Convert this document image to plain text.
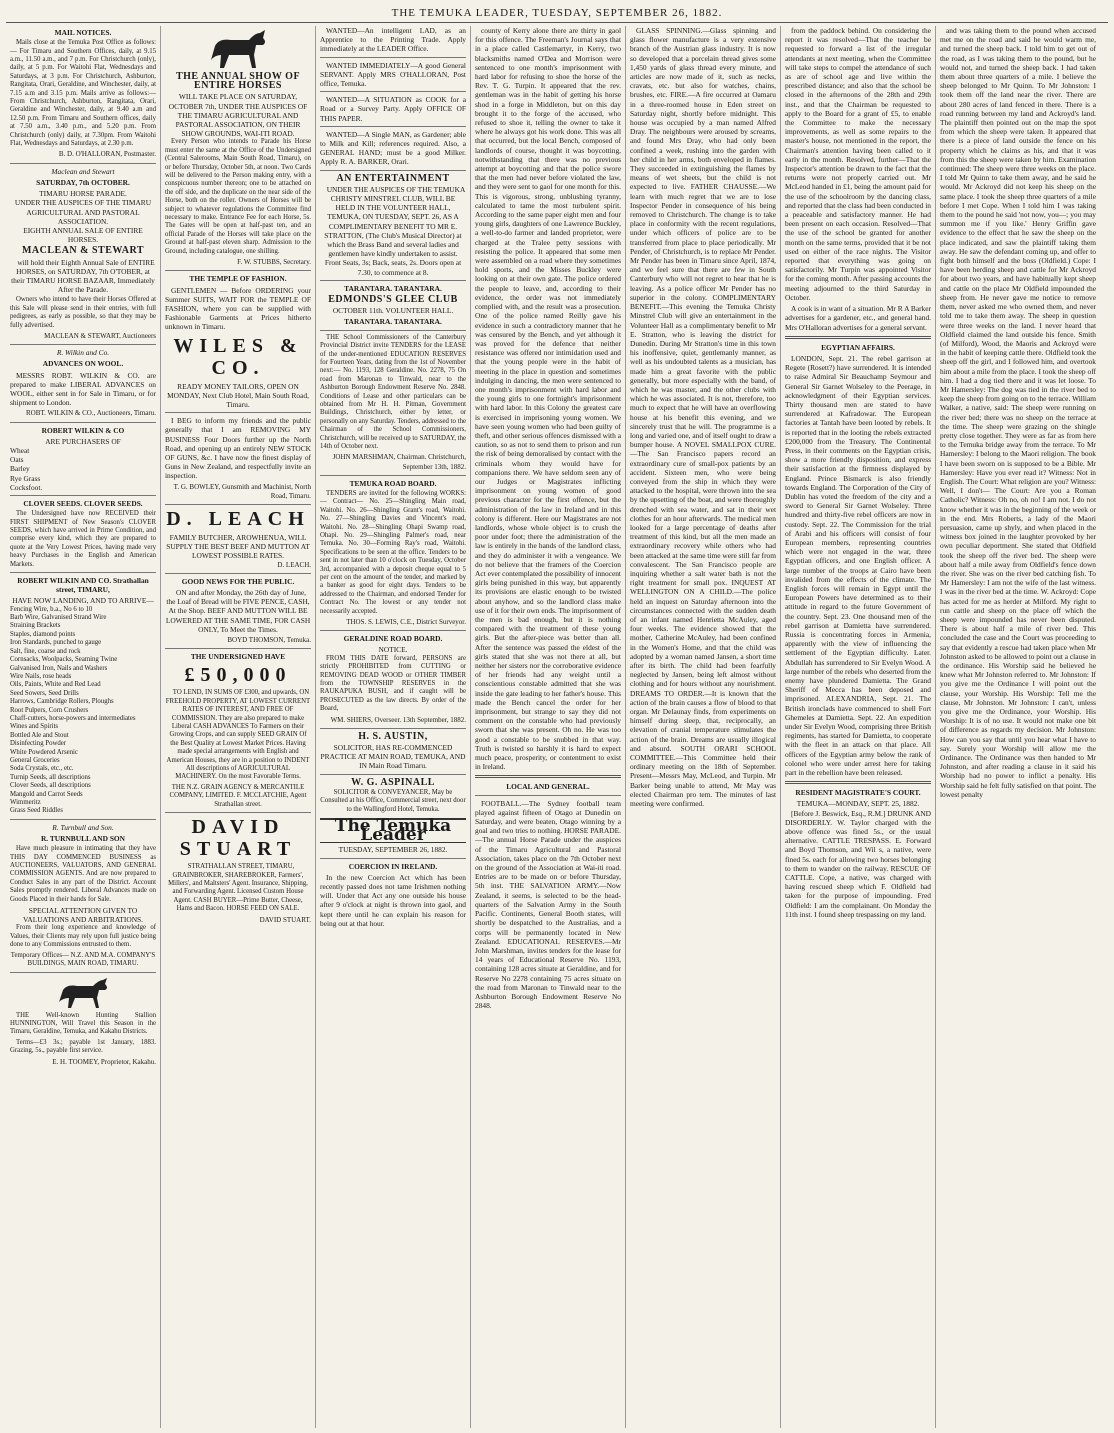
THE TEMUKA LEADER, TUESDAY, SEPTEMBER 26, 1882.
MAIL NOTICES.

Mails close at the Temuka Post Office as follows:— For Timaru and Southern Offices, daily, at 9.15 a.m., 11.50 a.m., and 7 p.m. For Christchurch (only), daily, at 5 p.m. For Waitohi Flat, Wednesdays and Saturdays, at 3 p.m. For Christchurch, Ashburton, Rangitata, Orari, Geraldine, and Winchester, daily, at 7.15 a.m and 3.15 p.m. Mails arrive as follows:— From Christchurch, Ashburton, Rangitata, Orari, Geraldine and Winchester, daily, at 9.40 a.m and 12.50 p.m. From Timaru and Southern offices, daily at 7.50 a.m., 3.40 p.m., and 5.20 p.m. From Christchurch (only) daily, at 7.30pm. From Waitohi Flat, Wednesdays and Saturdays, at 2.30 p.m.

B. D. O'HALLORAN, Postmaster.
Maclean and Stewart
SATURDAY, 7th OCTOBER.
TIMARU HORSE PARADE.
UNDER THE AUSPICES OF THE TIMARU AGRICULTURAL AND PASTORAL ASSOCIATION.
EIGHTH ANNUAL SALE OF ENTIRE HORSES.
MACLEAN & STEWART

will hold their Eighth Annual Sale of ENTIRE HORSES, on SATURDAY, 7th O'TOBER, at their TIMARU HORSE BAZAAR, Immediately After the Parade.

Owners who intend to have their Horses Offered at this Sale will please send in their entries, with full pedigrees, as early as possible, so that they may be fully advertised.

MACLEAN & STEWART, Auctioneers
R. Wilkin and Co.
ADVANCES ON WOOL.

MESSRS ROBT. WILKIN & CO. are prepared to make LIBERAL ADVANCES on WOOL, either sent in for Sale in Timaru, or for shipment to London.

ROBT. WILKIN & CO., Auctioneers, Timaru.
ROBERT WILKIN & CO
ARE PURCHASERS OF
Wheat
Oats
Barley
Rye Grass
Cocksfoot.
CLOVER SEEDS. CLOVER SEEDS.

The Undersigned have now RECEIVED their FIRST SHIPMENT of New Season's CLOVER SEEDS, which have arrived in Prime Condition, and comprise every kind, which they are prepared to quote at the Very Lowest Prices, having made very heavy Purchases in the English and American Markets.

ROBERT WILKIN AND CO. Strathallan street, TIMARU,
HAVE NOW LANDING, AND TO ARRIVE—
Fencing Wire, b.a., No 6 to 10
Barb Wire, Galvanised Strand Wire
Straining Brackets
Staples, diamond points
Iron Standards, punched to gauge
Salt, fine, coarse and rock
Cornsacks, Woolpacks, Seaming Twine
Galvanised Iron, Nails and Washers
Wire Nails, rose heads
Oils, Paints, White and Red Lead
Seed Sowers, Seed Drills
Harrows, Cambridge Rollers, Ploughs
Root Pulpers, Corn Crushers
Chaff-cutters, horse-powers and intermediates
Wines and Spirits
Bottled Ale and Stout
Disinfecting Powder
White Powdered Arsenic
General Groceries
Soda Crystals, etc., etc.
Turnip Seeds, all descriptions
Clover Seeds, all descriptions
Mangold and Carrot Seeds
Wimmeritz
Grass Seed Riddles
R. Turnbull and Son.
R. TURNBULL AND SON

Have much pleasure in intimating that they have THIS DAY COMMENCED BUSINESS as AUCTIONEERS, VALUATORS, AND GENERAL COMMISSION AGENTS. And are now prepared to Conduct Sales in any part of the District. Account Sales promptly rendered. Liberal Advances made on Goods Placed in their hands for Sale.

SPECIAL ATTENTION GIVEN TO VALUATIONS AND ARBITRATIONS.

From their long experience and knowledge of Values, their Clients may rely upon full justice being done to any Commissions entrusted to them.

Temporary Offices— N.Z. AND M.A. COMPANY'S BUILDINGS, MAIN ROAD, TIMARU.

THE Well-known Hunting Stallion HUNNINGTON, Will Travel this Season in the Timaru, Geraldine, Temuka, and Kakahu Districts.

Terms—£3 3s.; payable 1st January, 1883. Grazing, 5s., payable first service.

E. H. TOOMEY, Proprietor, Kakahu.
THE ANNUAL SHOW OF ENTIRE HORSES
WILL TAKE PLACE ON SATURDAY, OCTOBER 7th, UNDER THE AUSPICES OF THE TIMARU AGRICULTURAL AND PASTORAL ASSOCIATION, ON THEIR SHOW GROUNDS, WAI-ITI ROAD.

Every Person who intends to Parade his Horse must enter the same at the Office of the Undersigned (Central Salerooms, Main South Road, Timaru), on or before Thursday, October 5th, at noon. Two Cards will be delivered to the Person making entry, with a conspicuous number thereon; one to be attached on the off side, and the duplicate on the near side of the Horse, both on the roller. Owners of Horses will be subject to whatever regulations the Committee find necessary to make. Entrance Fee for each Horse, 5s. The Gates will be open at half-past ten, and an official Parade of the Horses will take place on the Ground at half-past eleven sharp. Admission to the Ground, including catalogue, one shilling.

F. W. STUBBS, Secretary.
THE TEMPLE OF FASHION.

GENTLEMEN — Before ORDERING your Summer SUITS, WAIT FOR the TEMPLE OF FASHION, where you can be supplied with Fashionable Garments at Prices hitherto unknown in Timaru.

WILES & CO.
READY MONEY TAILORS, OPEN ON MONDAY, Next Club Hotel, Main South Road, Timaru.

I BEG to inform my friends and the public generally that I am REMOVING MY BUSINESS Four Doors further up the North Road, and opening up an entirely NEW STOCK OF GUNS, &c. I have now the finest display of Guns in New Zealand, and respectfully invite an inspection.

T. G. BOWLEY, Gunsmith and Machinist, North Road, Timaru.
D. LEACH
FAMILY BUTCHER, AROWHENUA, WILL SUPPLY THE BEST BEEF AND MUTTON AT LOWEST POSSIBLE RATES.
D. LEACH.
GOOD NEWS FOR THE PUBLIC.

ON and after Monday, the 26th day of June, the Loaf of Bread will be FIVE PENCE, CASH, At the Shop. BEEF AND MUTTON WILL BE LOWERED AT THE SAME TIME, FOR CASH ONLY, To Meet the Times.

BOYD THOMSON, Temuka.
THE UNDERSIGNED HAVE
£50,000

TO LEND, IN SUMS OF £300, and upwards, ON FREEHOLD PROPERTY, AT LOWEST CURRENT RATES OF INTEREST, AND FREE OF COMMISSION. They are also prepared to make Liberal CASH ADVANCES To Farmers on their Growing Crops, and can supply SEED GRAIN Of the Best Quality at Lowest Market Prices. Having made special arrangements with English and American Houses, they are in a position to INDENT All descriptions of AGRICULTURAL MACHINERY. On the most Favorable Terms.

THE N.Z. GRAIN AGENCY & MERCANTILE COMPANY, LIMITED. F. MCCLATCHIE, Agent Strathallan street.
DAVID STUART

STRATHALLAN STREET, TIMARU, GRAINBROKER, SHAREBROKER, Farmers', Millers', and Maltsters' Agent. Insurance, Shipping, and Forwarding Agent. Licensed Custom House Agent. CASH BUYER—Prime Butter, Cheese, Hams and Bacon. HORSE FEED ON SALE.

DAVID STUART.

WANTED—An intelligent LAD, as an Apprentice to the Printing Trade. Apply immediately at the LEADER Office.

WANTED IMMEDIATELY—A good General SERVANT. Apply MRS O'HALLORAN, Post office, Temuka.

WANTED—A SITUATION as COOK for a Road or a Survey Party. Apply OFFICE OF THIS PAPER.

WANTED—A Single MAN, as Gardener; able to Milk and Kill; references required. Also, a GENERAL HAND; must be a good Milker. Apply R. A. BARKER, Orari.

AN ENTERTAINMENT

UNDER THE AUSPICES OF THE TEMUKA CHRISTY MINSTREL CLUB, WILL BE HELD IN THE VOLUNTEER HALL, TEMUKA, ON TUESDAY, SEPT. 26, AS A COMPLIMENTARY BENEFIT TO MR E. STRATTON, (The Club's Musical Director) at which the Brass Band and several ladies and gentlemen have kindly undertaken to assist. Front Seats, 3s; Back, seats, 2s. Doors open at 7.30, to commence at 8.

TARANTARA. TARANTARA.
EDMONDS'S GLEE CLUB
OCTOBER 11th. VOLUNTEER HALL.
TARANTARA. TARANTARA.

THE School Commissioners of the Canterbury Provincial District invite TENDERS for the LEASE of the under-mentioned EDUCATION RESERVES for Fourteen Years, dating from the 1st of November next:— No. 1193, 128 Geraldine. No. 2278, 75 On road from Maronan to Tinwald, near to the Ashburton Borough Endowment Reserve No. 2848. Conditions of Lease and other particulars can be obtained from Mr H. H. Pitman, Government Buildings, Christchurch, either by letter, or personally on any Saturday. Tenders, addressed to the Chairman of the School Commissioners, Christchurch, will be received up to SATURDAY, the 14th of October next.

JOHN MARSHMAN, Chairman. Christchurch, September 13th, 1882.
TEMUKA ROAD BOARD.

TENDERS are invited for the following WORKS:— Contract— No. 25—Shingling Main road, Waitohi. No. 26—Shingling Grant's road, Waitohi. No. 27—Shingling Davies and Vincent's road, Waitohi. No. 28—Shingling Ohapi Swamp road, Ohapi. No. 29—Shingling Palmer's road, near Temuka. No. 30—Forming Ray's road, Waitohi. Specifications to be seen at the office. Tenders to be sent in not later than 10 o'clock on Tuesday, October 3rd, accompanied with a deposit cheque equal to 5 per cent on the amount of the tender, and marked by a banker as good for eight days. Tenders to be addressed to the Chairman, and endorsed Tender for Contract No. The lowest or any tender not necessarily accepted.

THOS. S. LEWIS, C.E., District Surveyor.
GERALDINE ROAD BOARD.
NOTICE.

FROM THIS DATE forward, PERSONS are strictly PROHIBITED from CUTTING or REMOVING DEAD WOOD or OTHER TIMBER from the TOWNSHIP RESERVES in the RAUKAPUKA BUSH, and if caught will be PROSECUTED as the law directs. By order of the Board,

WM. SHIERS, Overseer. 13th September, 1882.
H. S. AUSTIN,
SOLICITOR, HAS RE-COMMENCED PRACTICE AT MAIN ROAD, TEMUKA, AND IN Main Road Timaru.
W. G. ASPINALL
SOLICITOR & CONVEYANCER, May be Consulted at his Office, Commercial street, next door to the Wallingford Hotel, Temuka.
The Temuka Leader
TUESDAY, SEPTEMBER 26, 1882.
COERCION IN IRELAND.

In the new Coercion Act which has been recently passed does not tame Irishmen nothing will. Under that Act any one outside his house after 9 o'clock at night is thrown into gaol, and kept there until he can explain his reason for being out at that hour.

county of Kerry alone there are thirty in gaol for this offence. The Freeman's Journal says that in a place called Castlemartyr, in Kerry, two blacksmiths named O'Dea and Morrison were sentenced to one month's imprisonment with hard labor for refusing to shoe the horse of the Rev. T. G. Turpin. It appeared that the rev. gentleman was in the habit of getting his horse shod in a forge in Middleton, but on this day brought it to the forge of the accused, who refused to shoe it, telling the owner to take it where he always got his work done. This was all that occurred, but the local Bench, composed of landlords of course, thought it was boycotting, notwithstanding that there was no previous attempt at boycotting and that the police swore that the men had never before violated the law, and they were sent to gaol for one month for this. This is vigorous, strong, unblushing tyranny, calculated to tame the most turbulent spirit. According to the same paper eight men and four young girls, daughters of one Lawrence Buckley, a well-to-do farmer and landed proprietor, were charged at the Tralee petty sessions with resisting the police. It appeared that some men were assembled on a road where they sometimes hold sports, and the Misses Buckley were looking on at their own gate. The police ordered the people to leave, and, according to their evidence, the order was not immediately complied with, and the result was a prosecution. One of the police named Reilly gave his evidence in such a contradictory manner that he was censured by the Bench, and yet although it was proved for the defence that neither resistance was offered nor intimidation used and that the young people were in the habit of meeting in the place in question and sometimes indulging in dancing, the men were sentenced to one month's imprisonment with hard labor and the young girls to one fortnight's imprisonment with hard labor. In this Colony the greatest care is exercised in imprisoning young women. We have seen young women who had been guilty of theft, and other serious offences dismissed with a caution, so as not to send them to prison and run the risk of being demoralised by contact with the criminals whom they would have for companions there. We have seldom seen any of our Judges or Magistrates inflicting imprisonment on young women of good previous character for the first offence, but the administration of the law in Ireland and in this colony is different. Here our Magistrates are not landlords, whose whole object is to crush the poor under foot; there the administration of the law is entirely in the hands of the landlord class, and they do administer it with a vengeance. We do not believe that the framers of the Coercion Act ever contemplated the possibility of innocent girls being punished in this way, but apparently its provisions are elastic enough to be twisted about anyhow, and so the landlord class make use of it for their own ends. The imprisonment of the men is bad enough, but it is nothing compared with the treatment of these young girls. But the after-piece was better than all. After the sentence was passed the eldest of the girls stated that she was not there at all, but neither her sisters nor the corroborative evidence of her friends had any weight until a conscientious constable admitted that she was inside the gate leading to her father's house. This made the Bench cancel the order for her imprisonment, but strange to say they did not comment on the constable who had previously sworn that she was present. Oh no. He was too good a constable to be snubbed in that way. Truth is twisted so harshly it is hard to expect much peace, prosperity, or contentment to exist in Ireland.

LOCAL AND GENERAL.

FOOTBALL.—The Sydney football team played against fifteen of Otago at Dunedin on Saturday, and were beaten, Otago winning by a goal and two tries to nothing. HORSE PARADE.—The annual Horse Parade under the auspices of the Timaru Agricultural and Pastoral Association, takes place on the 7th October next on the ground of the Association at Wai-iti road. Entries are to be made on or before Thursday, 5th inst. THE SALVATION ARMY.—Now Zealand, it seems, is selected to be the head-quarters of the Salvation Army in the South Pacific. Continents, General Booth states, will shortly be despatched to the Australias, and a corps will be permanently located in New Zealand. EDUCATIONAL RESERVES.—Mr John Marshman, invites tenders for the lease for 14 years of Educational Reserve No. 1193, containing 128 acres situate at Geraldine, and for Reserve No 2278 containing 75 acres situate on the road from Maronan to Tinwald near to the Ashburton Borough Endowment Reserve No 2848.

GLASS SPINNING.—Glass spinning and glass flower manufacture is a very extensive branch of the Austrian glass industry. It is now so developed that a porcelain thread gives some 1,450 yards of glass thread every minute, and articles are now made of it, such as necks, cravats, etc. but also for watches, chains, brushes, etc. FIRE.—A fire occurred at Oamaru in a three-roomed house in Eden street on Saturday night, shortly before midnight. This house was occupied by a man named Alfred Dray. The neighbours were aroused by screams, and found Mrs Dray, who had only been confined a week, rushing into the garden with her child in her arms, both enveloped in flames. They succeeded in extinguishing the flames by means of wet sheets, but the child is not expected to live. FATHER CHAUSSE.—We learn with much regret that we are to lose Inspector Pender in consequence of his being removed to Christchurch. The change is to take place in conformity with the recent regulations, under which officers of police are to be transferred from place to place periodically. Mr Pender, of Christchurch, is to replace Mr Pender. Mr Pender has been in Timaru since April, 1874, and we feel sure that there are few in South Canterbury who will not regret to hear that he is leaving. As a police officer Mr Pender has no superior in the colony. COMPLIMENTARY BENEFIT.—This evening the Temuka Christy Minstrel Club will give an entertainment in the Volunteer Hall as a complimentary benefit to Mr E. Stratton, who is leaving the district for Dunedin. During Mr Stratton's time in this town his inoffensive, quiet, gentlemanly manner, as well as his undoubted talents as a musician, has made him a great favorite with the public generally, but more especially with the band, of which he was master, and the other clubs with which he was associated. It is not, therefore, too much to expect that he will have an overflowing house at his benefit this evening, and we sincerely trust that he will. The programme is a long and varied one, and of itself ought to draw a bumper house. A NOVEL SMALLPOX CURE.—The San Francisco papers record an extraordinary cure of small-pox patients by an accident. Sixteen men, who were being conveyed from the ship in which they were attacked to the hospital, were thrown into the sea by the upsetting of the boat, and were thoroughly drenched with sea water, and sat in their wet clothes for an hour afterwards. The medical men looked for a large percentage of deaths after treatment of this kind, but all the men made an extraordinary recovery while others who had been attacked at the same time were still far from convalescent. The San Francisco people are inquiring whether a salt water bath is not the right treatment for small pox. INQUEST AT WELLINGTON ON A CHILD.—The police held an inquest on Saturday afternoon into the circumstances connected with the sudden death of an infant named Henrietta McAuley, aged four weeks. The evidence showed that the mother, Catherine McAuley, had been confined in the Women's Home, and that the child was adopted by a woman named Jansen, a short time after its birth. The child had been fearfully neglected by Jansen, being left almost without clothing and for hours without any nourishment. DREAMS TO ORDER.—It is known that the action of the brain causes a flow of blood to that organ. Mr Delaunay finds, from experiments on himself during sleep, that, reciprocally, an elevation of cranial temperature stimulates the action of the brain. Dreams are usually illogical and absurd. SOUTH ORARI SCHOOL COMMITTEE.—This Committee held their ordinary meeting on the 18th of September. Present—Messrs May, McLeod, and Turpin. Mr Barker being unable to attend, Mr May was elected Chairman pro tem. The minutes of last meeting were confirmed.

from the paddock behind. On considering the report it was resolved—That the teacher be requested to forward a list of the irregular attendants at next meeting, when the Committee will take steps to compel the attendance of such as are of school age and live within the prescribed distance; and also that the school be closed in the afternoons of the 28th and 29th inst., and that the Chairman be requested to apply to the Board for a grant of £5, to enable the Committee to make the necessary improvements, as well as some repairs to the master's house, not mentioned in the report, the Chairman's attention having been called to it early in the month. Resolved, further—That the Inspector's attention be drawn to the fact that the returns were not properly carried out. Mr McLeod handed in £1, being the amount paid for the use of the schoolroom by the dancing class, and reported that the class had been conducted in a peaceable and satisfactory manner. He had been present on each occasion. Resolved—That the use of the school be granted for another month on the same terms, provided that it be not used on either of the race nights. The Visitor reported that everything was going on satisfactorily. Mr Turpin was appointed Visitor for the coming month. After passing accounts the meeting adjourned to the third Saturday in October.

A cook is in want of a situation. Mr R A Barker advertises for a gardener, etc., and general hand. Mrs O'Halloran advertises for a general servant.

EGYPTIAN AFFAIRS.

LONDON, Sept. 21. The rebel garrison at Regete (Rosett?) have surrendered. It is intended to raise Admiral Sir Beauchamp Seymour and General Sir Garnet Wolseley to the Peerage, in acknowledgment of their Egyptian services. Thirty thousand men are stated to have surrendered at Kafradowar. The European factories at Tantah have been looted by rebels. It is reported that in the looting the rebels extracted £200,000 from the Treasury. The Continental Press, in their comments on the Egyptian crisis, show a more friendly disposition, and express their satisfaction at the firmness displayed by England. Prince Bismarck is also friendly towards England. The Corporation of the City of Dublin has voted the freedom of the city and a sword to General Sir Garnet Wolseley. Three hundred and thirty-five rebel officers are now in custody. Sept. 22. The Commission for the trial of Arabi and his officers will consist of four European members, representing countries which were not engaged in the war, three Egyptian officers, and one English officer. A large number of the troops at Cairo have been invalided from the effects of the climate. The English forces will remain in Egypt until the European Powers have determined as to their attitude in regard to the future Government of the country. Sept. 23. One thousand men of the rebel garrison at Damietta have surrendered. Russia is concentrating forces in Armenia, apparently with the view of influencing the settlement of the Egyptian difficulty. Later. Abdullah has surrendered to Sir Evelyn Wood. A large number of the rebels who deserted from the enemy have plundered Damietta. The Grand Sheriff of Mecca has been deposed and imprisoned. ALEXANDRIA, Sept. 21. The British ironclads have commenced to shell Fort Ghemeles at Damietta. Sept. 22. An expedition under Sir Evelyn Wood, comprising three British regiments, has started for Damietta, to cooperate with the fleet in an attack on that place. All officers of the Egyptian army below the rank of colonel who were under arrest here for taking part in the rebellion have been released.

RESIDENT MAGISTRATE'S COURT.
TEMUKA—MONDAY, SEPT. 25, 1882.

[Before J. Beswick, Esq., R.M.] DRUNK AND DISORDERLY. W. Taylor charged with the above offence was fined 5s., or the usual alternative. CATTLE TRESPASS. E. Forward and Boyd Thomson, and Wil s, a native, were fined 5s. each for allowing two horses belonging to them to wander on the railway. RESCUE OF CATTLE. Cope, a native, was charged with having rescued sheep which F. Oldfield had taken for the purpose of impounding. Fred Oldfield: I am the complainant. On Monday the 11th inst. I found sheep trespassing on my land.

and was taking them to the pound when accused met me on the road and said he would warm me, and turned the sheep back. I told him to get out of the road, as I was taking them to the pound, but he would not, and turned the sheep back. I had taken them about three quarters of a mile. I believe the sheep belonged to Mr Quinn. To Mr Johnston: I took them off the land near the river. There are about 280 acres of land fenced in there. There is a road running between my land and Ackroyd's land. The plaintiff then pointed out on the map the spot from which the sheep were taken. It appeared that there is a piece of land outside the fence on his property which he claims as his, and that it was from this the sheep were taken by him. Examination continued: The sheep were three weeks on the place. I told Mr Quinn to take them away, and he said he would. Mr Ackroyd did not keep his sheep on the same place. I took the sheep three quarters of a mile before I met Cope. When I told him I was taking them to the pound he said 'not now, you—; you may summon me if you like.' Henry Griffin gave evidence to the effect that he saw the sheep on the place indicated, and saw the plaintiff taking them away. He saw the defendant coming up, and offer to fight both himself and the boss (Oldfield.) Cope: I have been herding sheep and cattle for Mr Ackroyd for about two years, and have habitually kept sheep and cattle on the place Mr Oldfield impounded the sheep from. He never gave me notice to remove them, never asked me who owned them, and never told me to take them away. The sheep in question were three weeks on the land. I never heard that Oldfield claimed the land outside his fence. Smith (of Milford), Wood, the Maoris and Ackroyd were in the habit of keeping cattle there. Oldfield took the sheep off the girl, and I followed him, and overtook him about a mile from the place. I took the sheep off him. I had a dog tied there and it was let loose. To Mr Hamersley: The dog was tied in the river bed to keep the sheep from going on to the terrace. William Walker, a native, said: The sheep were running on the river bed; there was no sheep on the terrace at the time. The sheep were grazing on the shingle pretty close together. They were as far as from here to the Temuka bridge away from the terrace. To Mr Hamersley: I belong to the Maori religion. The book I have been sworn on is supposed to be a Bible. Mr Hamersley: Have you ever read it? Witness: Not in English. The Court: What religion are you? Witness: Well, I don't— The Court: Are you a Roman Catholic? Witness: Oh no, oh no! I am not. I do not know whether it was in the beginning of the week or in the end. Mrs Roberts, a lady of the Maori persuasion, came up shyly, and when placed in the witness box joined in the laughter provoked by her own peculiar deportment. She stated that Oldfield took the sheep off the river bed. The sheep were about half a mile away from Oldfield's fence down the river. She was on the river bed catching fish. To Mr Hamersley: I am not the wife of the last witness. I was in the river bed at the time. W. Ackroyd: Cope has acted for me as herder at Milford. My right to run cattle and sheep on the place off which the sheep were impounded has never been disputed. There is about half a mile of river bed. This concluded the case and the Court was proceeding to say that evidently a rescue had taken place when Mr Johnston asked to be allowed to point out a clause in the ordinance. His Worship said he believed he knew what Mr Johnston referred to. Mr Johnston: If you give me the Ordinance I will point out the clause, your Worship. His Worship: Tell me the clause, Mr Johnston. Mr Johnston: I can't, unless you give me the Ordinance, your Worship. His Worship: It is of no use. It would not make one bit of difference as regards my decision. Mr Johnston: How can you say that until you hear what I have to say. Surely your Worship will allow me the Ordinance. The Ordinance was then handed to Mr Johnston, and after reading a clause in it said his Worship had no power to inflict a penalty. His Worship said he felt fully satisfied on that point. The lowest penalty
